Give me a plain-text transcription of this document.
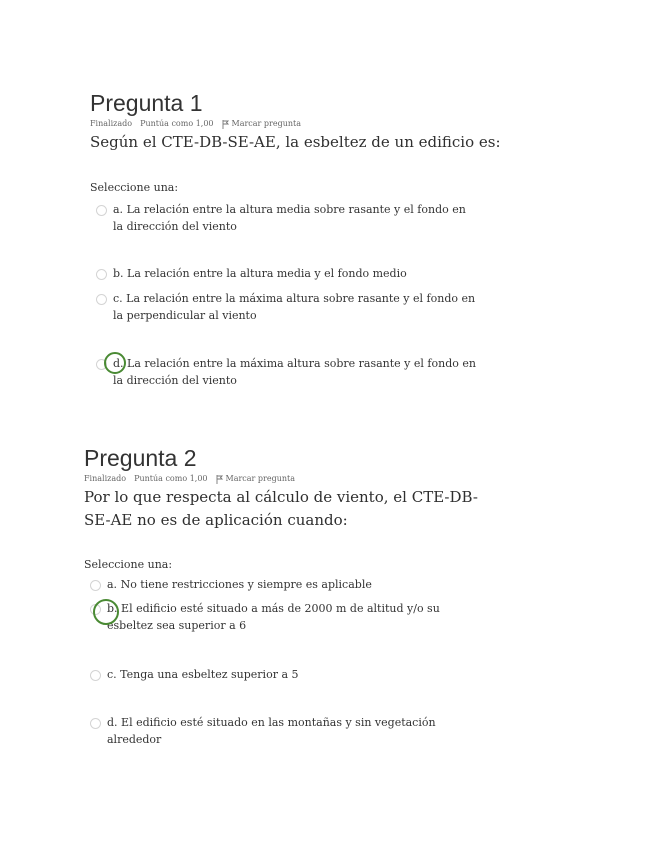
Pregunta 1
Finalizado Puntúa como 1,00 Marcar pregunta
Según el CTE-DB-SE-AE, la esbeltez de un edificio es:
Seleccione una:
a. La relación entre la altura media sobre rasante y el fondo en la dirección del viento
b. La relación entre la altura media y el fondo medio
c. La relación entre la máxima altura sobre rasante y el fondo en la perpendicular al viento
d. La relación entre la máxima altura sobre rasante y el fondo en la dirección del viento
Pregunta 2
Finalizado Puntúa como 1,00 Marcar pregunta
Por lo que respecta al cálculo de viento, el CTE-DB-SE-AE no es de aplicación cuando:
Seleccione una:
a. No tiene restricciones y siempre es aplicable
b. El edificio esté situado a más de 2000 m de altitud y/o su esbeltez sea superior a 6
c. Tenga una esbeltez superior a 5
d. El edificio esté situado en las montañas y sin vegetación alrededor
